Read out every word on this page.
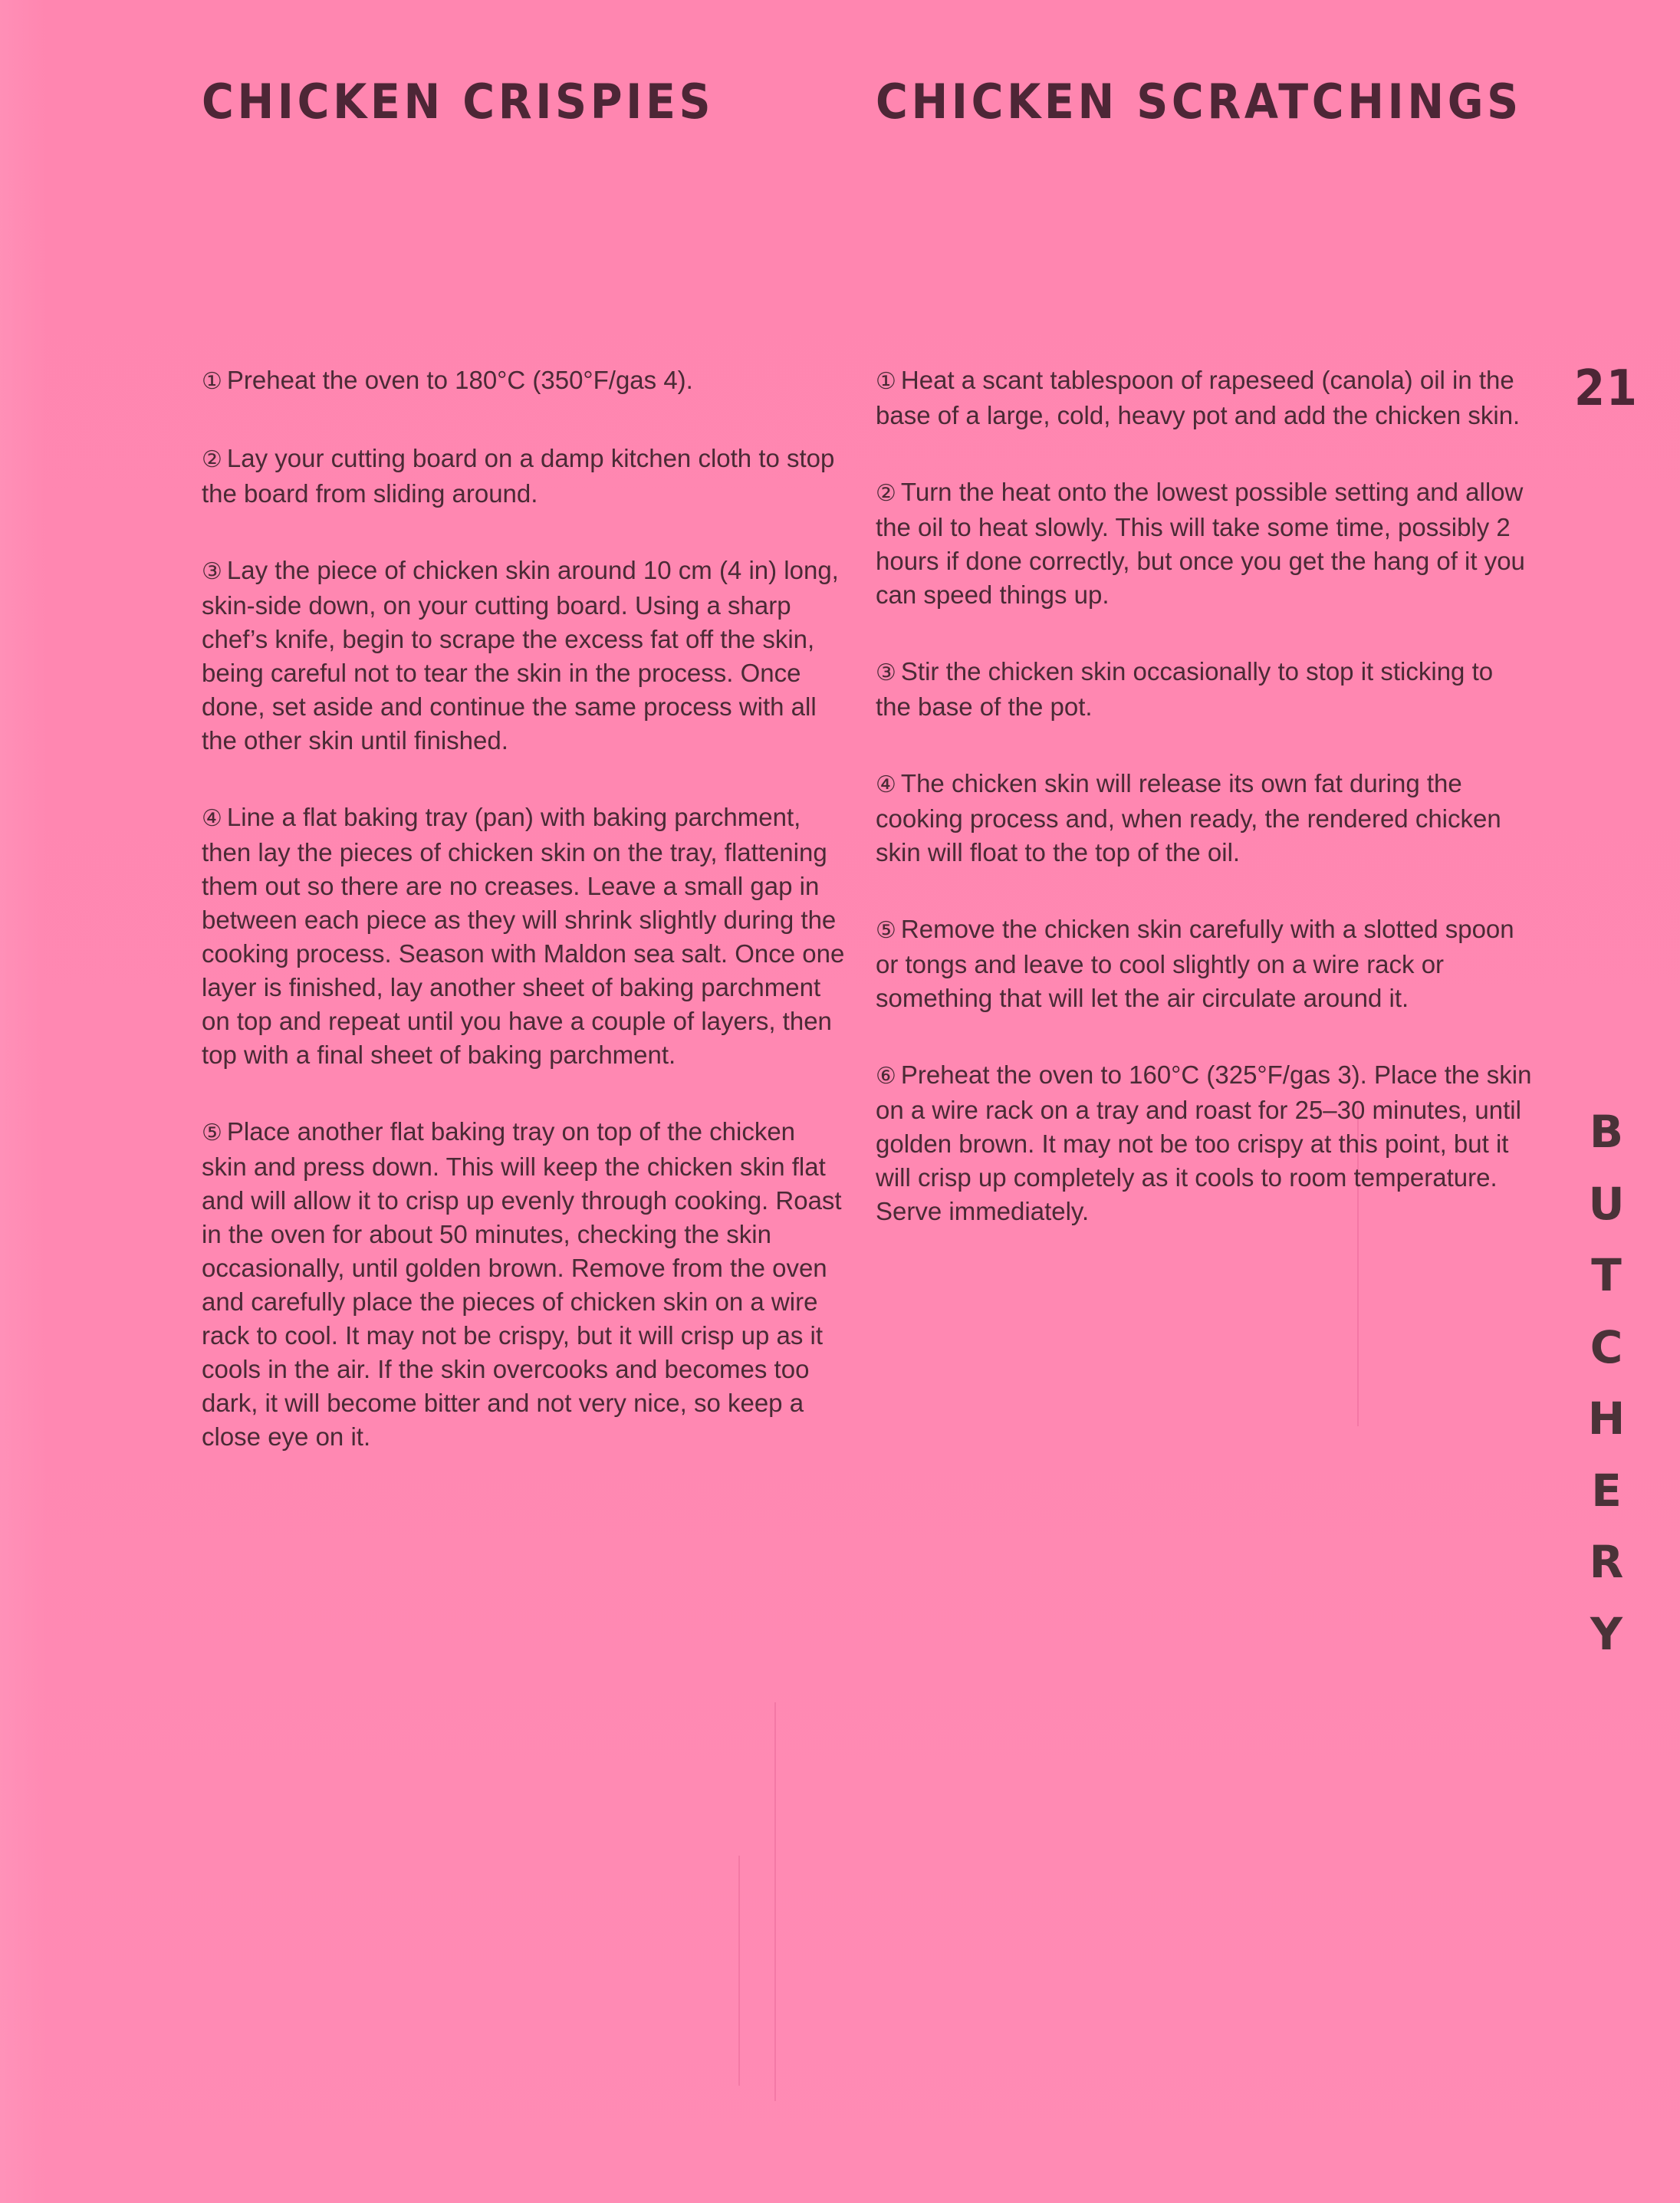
CHICKEN CRISPIES	CHICKEN SCRATCHINGS

① Preheat the oven to 180°C (350°F/gas 4).

② Lay your cutting board on a damp kitchen cloth to stop the board from sliding around.

③ Lay the piece of chicken skin around 10 cm (4 in) long, skin-side down, on your cutting board. Using a sharp chef’s knife, begin to scrape the excess fat off the skin, being careful not to tear the skin in the process. Once done, set aside and continue the same process with all the other skin until finished.

④ Line a flat baking tray (pan) with baking parchment, then lay the pieces of chicken skin on the tray, flattening them out so there are no creases. Leave a small gap in between each piece as they will shrink slightly during the cooking process. Season with Maldon sea salt. Once one layer is finished, lay another sheet of baking parchment on top and repeat until you have a couple of layers, then top with a final sheet of baking parchment.

⑤ Place another flat baking tray on top of the chicken skin and press down. This will keep the chicken skin flat and will allow it to crisp up evenly through cooking. Roast in the oven for about 50 minutes, checking the skin occasionally, until golden brown. Remove from the oven and carefully place the pieces of chicken skin on a wire rack to cool. It may not be crispy, but it will crisp up as it cools in the air. If the skin overcooks and becomes too dark, it will become bitter and not very nice, so keep a close eye on it.

① Heat a scant tablespoon of rapeseed (canola) oil in the base of a large, cold, heavy pot and add the chicken skin.

② Turn the heat onto the lowest possible setting and allow the oil to heat slowly. This will take some time, possibly 2 hours if done correctly, but once you get the hang of it you can speed things up.

③ Stir the chicken skin occasionally to stop it sticking to the base of the pot.

④ The chicken skin will release its own fat during the cooking process and, when ready, the rendered chicken skin will float to the top of the oil.

⑤ Remove the chicken skin carefully with a slotted spoon or tongs and leave to cool slightly on a wire rack or something that will let the air circulate around it.

⑥ Preheat the oven to 160°C (325°F/gas 3). Place the skin on a wire rack on a tray and roast for 25–30 minutes, until golden brown. It may not be too crispy at this point, but it will crisp up completely as it cools to room temperature. Serve immediately.

21
B
U
T
C
H
E
R
Y
